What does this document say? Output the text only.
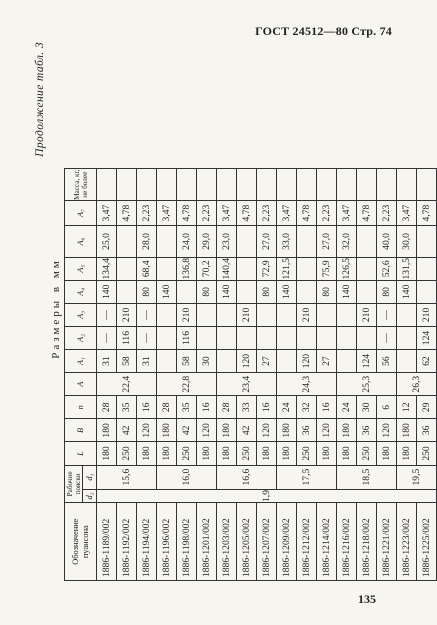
ГОСТ 24512—80 Стр. 74
Продолжение табл. 3
Размеры в мм
Обозначение пуансона	Рабочие пояски		L	B	n	A	A₁	A₂	A₃	A₄	A₅	A₆	A₇	Масса, кг, не более
	d₂	d₁												
1886-1189/002	1,9	15,6	180	180	28	22,4	31	—	—	140	134,4	25,0	3,47	
1886-1192/002			250	42	35		58	116	210				4,78	
1886-1194/002			180	120	16		31	—	—	80	68,4	28,0	2,23	
1886-1196/002		16,0	180	180	28	22,8				140			3,47	
1886-1198/002			250	42	35		58	116	210		136,8	24,0	4,78	
1886-1201/002			180	120	16		30			80	70,2	29,0	2,23	
1886-1203/002		16,6	180	180	28	23,4				140	140,4	23,0	3,47	
1886-1205/002			250	42	33		120		210				4,78	
1886-1207/002			180	120	16		27			80	72,9	27,0	2,23	
1886-1209/002		17,5	180	180	24	24,3				140	121,5	33,0	3,47	
1886-1212/002			250	36	32		120		210				4,78	
1886-1214/002			180	120	16		27			80	75,9	27,0	2,23	
1886-1216/002		18,5	180	180	24	25,3				140	126,5	32,0	3,47	
1886-1218/002			250	36	30		124		210				4,78	
1886-1221/002			180	120	6		56	—	—	80	52,6	40,0	2,23	
1886-1223/002		19,5	180	180	12	26,3				140	131,5	30,0	3,47	
1886-1225/002			250	36	29		62	124	210				4,78	
135
